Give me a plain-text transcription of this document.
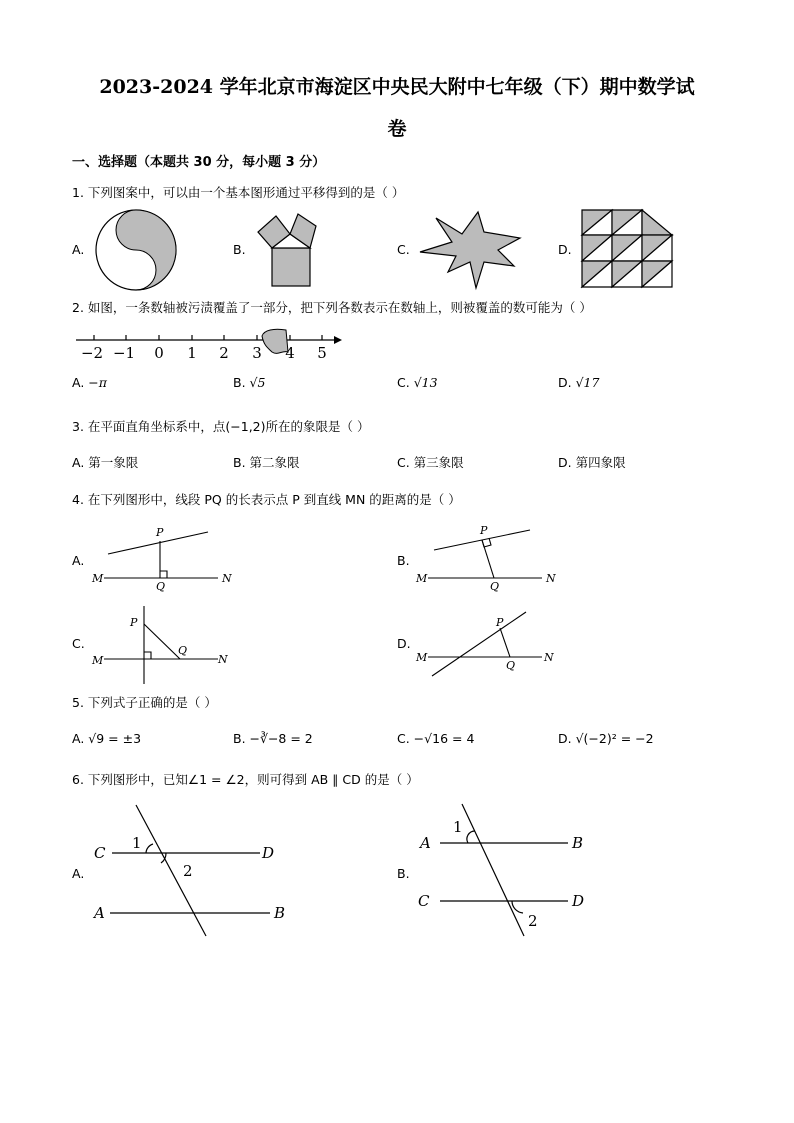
2023-2024 学年北京市海淀区中央民大附中七年级（下）期中数学试
卷
一、选择题（本题共 30 分，每小题 3 分）
1. 下列图案中，可以由一个基本图形通过平移得到的是（ ）
A.	B.	C.	D.
2. 如图，一条数轴被污渍覆盖了一部分，把下列各数表示在数轴上，则被覆盖的数可能为（ ）
−2 −1 0 1 2 3 4 5
A. −π	B. √5	C. √13	D. √17
3. 在平面直角坐标系中，点(−1,2)所在的象限是（ ）
A. 第一象限	B. 第二象限	C. 第三象限	D. 第四象限
4. 在下列图形中，线段 PQ 的长表示点 P 到直线 MN 的距离的是（ ）
A.	B.
C.	D.
P
Q
M	N
P
Q
M	N
P
Q
M	N
P
Q
M	N
5. 下列式子正确的是（ ）
A. √9 = ±3	B. −∛−8 = 2	C. −√16 = 4	D. √(−2)² = −2
6. 下列图形中，已知∠1 = ∠2，则可得到 AB ∥ CD 的是（ ）
A.	B.
C	D
A	B
1
2
A	B
C	D
1
2
